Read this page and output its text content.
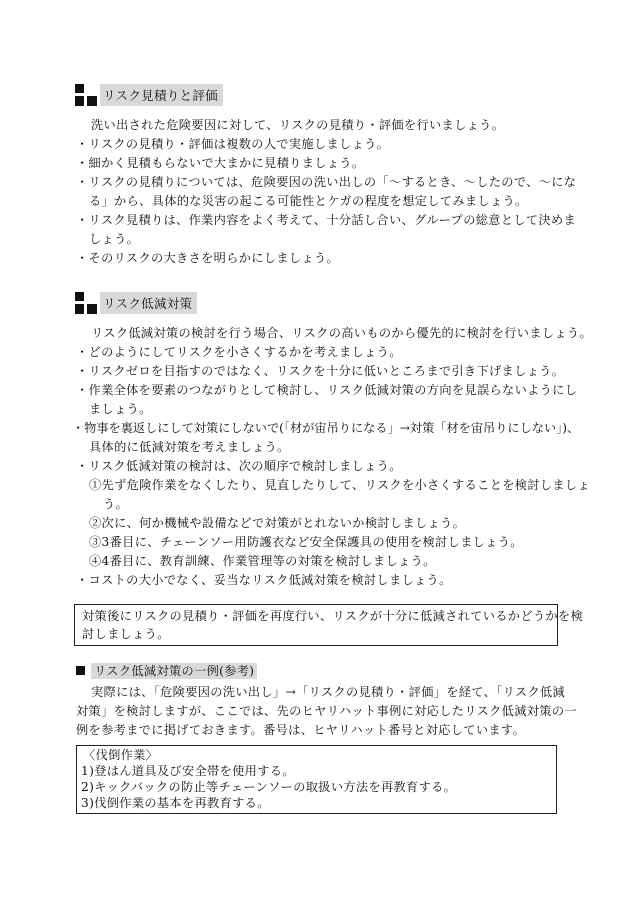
リスク見積りと評価
洗い出された危険要因に対して、リスクの見積り・評価を行いましょう。
・リスクの見積り・評価は複数の人で実施しましょう。
・細かく見積もらないで大まかに見積りましょう。
・リスクの見積りについては、危険要因の洗い出しの「～するとき、～したので、～にな
る」から、具体的な災害の起こる可能性とケガの程度を想定してみましょう。
・リスク見積りは、作業内容をよく考えて、十分話し合い、グループの総意として決めま
しょう。
・そのリスクの大きさを明らかにしましょう。
リスク低減対策
リスク低減対策の検討を行う場合、リスクの高いものから優先的に検討を行いましょう。
・どのようにしてリスクを小さくするかを考えましょう。
・リスクゼロを目指すのではなく、リスクを十分に低いところまで引き下げましょう。
・作業全体を要素のつながりとして検討し、リスク低減対策の方向を見誤らないようにし
ましょう。
・物事を裏返しにして対策にしないで(「材が宙吊りになる」→対策「材を宙吊りにしない」)、
具体的に低減対策を考えましょう。
・リスク低減対策の検討は、次の順序で検討しましょう。
①先ず危険作業をなくしたり、見直したりして、リスクを小さくすることを検討しましょ
う。
②次に、何か機械や設備などで対策がとれないか検討しましょう。
③3番目に、チェーンソー用防護衣など安全保護具の使用を検討しましょう。
④4番目に、教育訓練、作業管理等の対策を検討しましょう。
・コストの大小でなく、妥当なリスク低減対策を検討しましょう。
対策後にリスクの見積り・評価を再度行い、リスクが十分に低減されているかどうかを検
討しましょう。
リスク低減対策の一例(参考)
実際には、「危険要因の洗い出し」→「リスクの見積り・評価」を経て、「リスク低減
対策」を検討しますが、ここでは、先のヒヤリハット事例に対応したリスク低減対策の一
例を参考までに掲げておきます。番号は、ヒヤリハット番号と対応しています。
〈伐倒作業〉
1)登はん道具及び安全帯を使用する。
2)キックバックの防止等チェーンソーの取扱い方法を再教育する。
3)伐倒作業の基本を再教育する。
